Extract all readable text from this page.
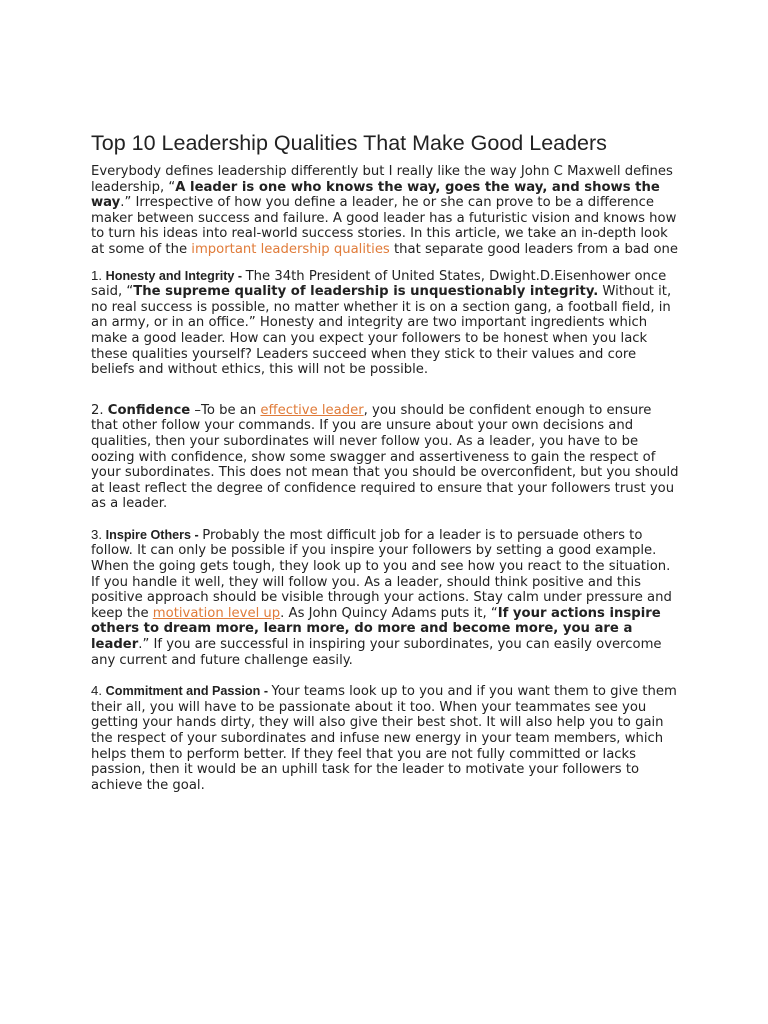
Top 10 Leadership Qualities That Make Good Leaders

Everybody defines leadership differently but I really like the way John C Maxwell defines leadership, “A leader is one who knows the way, goes the way, and shows the way.” Irrespective of how you define a leader, he or she can prove to be a difference maker between success and failure. A good leader has a futuristic vision and knows how to turn his ideas into real-world success stories. In this article, we take an in-depth look at some of the important leadership qualities that separate good leaders from a bad one

1. Honesty and Integrity - The 34th President of United States, Dwight.D.Eisenhower once said, “The supreme quality of leadership is unquestionably integrity. Without it, no real success is possible, no matter whether it is on a section gang, a football field, in an army, or in an office.” Honesty and integrity are two important ingredients which make a good leader. How can you expect your followers to be honest when you lack these qualities yourself? Leaders succeed when they stick to their values and core beliefs and without ethics, this will not be possible.

2. Confidence –To be an effective leader, you should be confident enough to ensure that other follow your commands. If you are unsure about your own decisions and qualities, then your subordinates will never follow you. As a leader, you have to be oozing with confidence, show some swagger and assertiveness to gain the respect of your subordinates. This does not mean that you should be overconfident, but you should at least reflect the degree of confidence required to ensure that your followers trust you as a leader.

3. Inspire Others - Probably the most difficult job for a leader is to persuade others to follow. It can only be possible if you inspire your followers by setting a good example. When the going gets tough, they look up to you and see how you react to the situation. If you handle it well, they will follow you. As a leader, should think positive and this positive approach should be visible through your actions. Stay calm under pressure and keep the motivation level up. As John Quincy Adams puts it, “If your actions inspire others to dream more, learn more, do more and become more, you are a leader.” If you are successful in inspiring your subordinates, you can easily overcome any current and future challenge easily.

4. Commitment and Passion - Your teams look up to you and if you want them to give them their all, you will have to be passionate about it too. When your teammates see you getting your hands dirty, they will also give their best shot. It will also help you to gain the respect of your subordinates and infuse new energy in your team members, which helps them to perform better. If they feel that you are not fully committed or lacks passion, then it would be an uphill task for the leader to motivate your followers to achieve the goal.
